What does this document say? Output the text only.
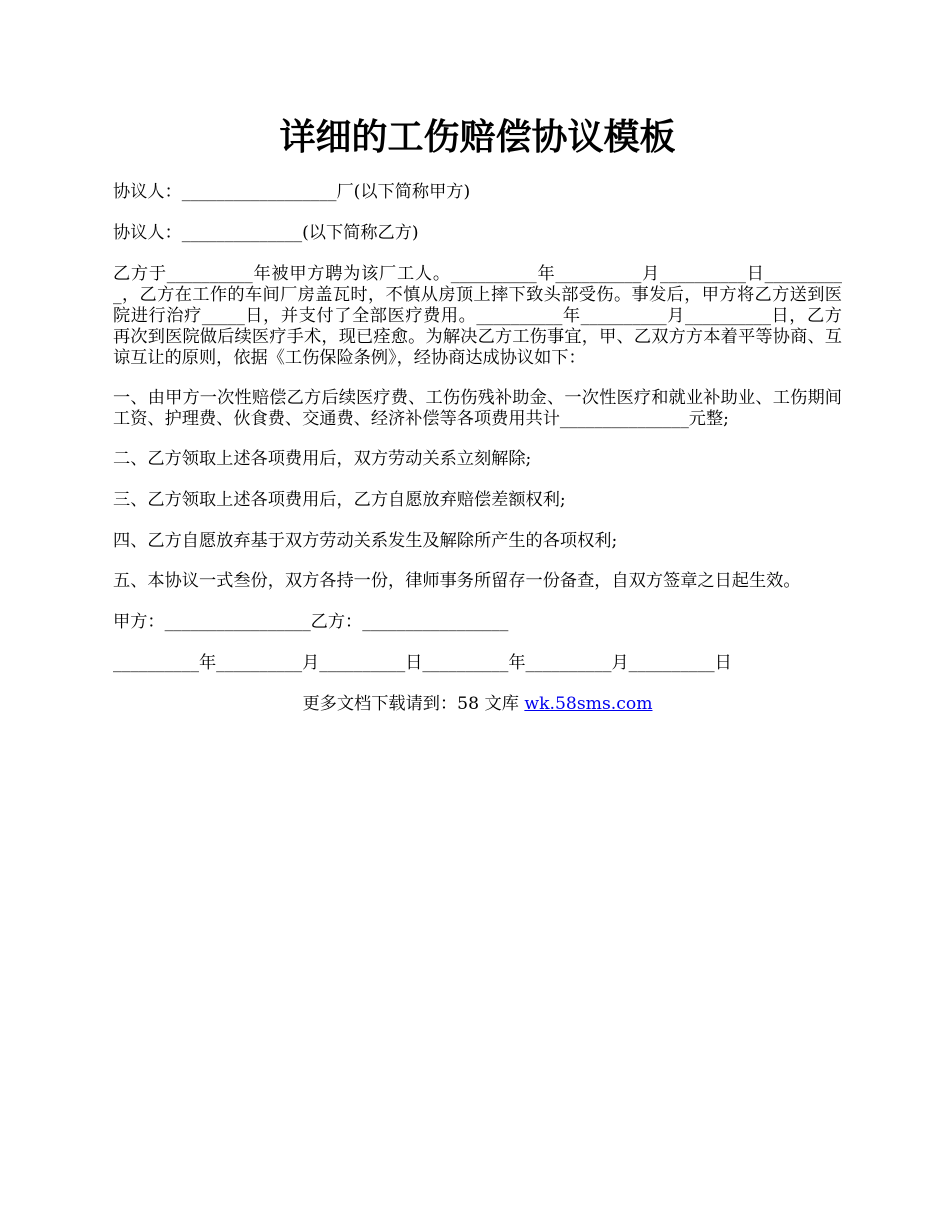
详细的工伤赔偿协议模板

协议人：__________________厂(以下简称甲方)

协议人：______________(以下简称乙方)

乙方于__________年被甲方聘为该厂工人。__________年__________月__________日__________，乙方在工作的车间厂房盖瓦时，不慎从房顶上摔下致头部受伤。事发后，甲方将乙方送到医院进行治疗_____日，并支付了全部医疗费用。__________年__________月__________日，乙方再次到医院做后续医疗手术，现已痊愈。为解决乙方工伤事宜，甲、乙双方方本着平等协商、互谅互让的原则，依据《工伤保险条例》，经协商达成协议如下：

一、由甲方一次性赔偿乙方后续医疗费、工伤伤残补助金、一次性医疗和就业补助业、工伤期间工资、护理费、伙食费、交通费、经济补偿等各项费用共计_______________元整;

二、乙方领取上述各项费用后，双方劳动关系立刻解除;

三、乙方领取上述各项费用后，乙方自愿放弃赔偿差额权利;

四、乙方自愿放弃基于双方劳动关系发生及解除所产生的各项权利;

五、本协议一式叁份，双方各持一份，律师事务所留存一份备查，自双方签章之日起生效。

甲方：_________________乙方：_________________

__________年__________月__________日__________年__________月__________日

更多文档下载请到：58 文库 wk.58sms.com
